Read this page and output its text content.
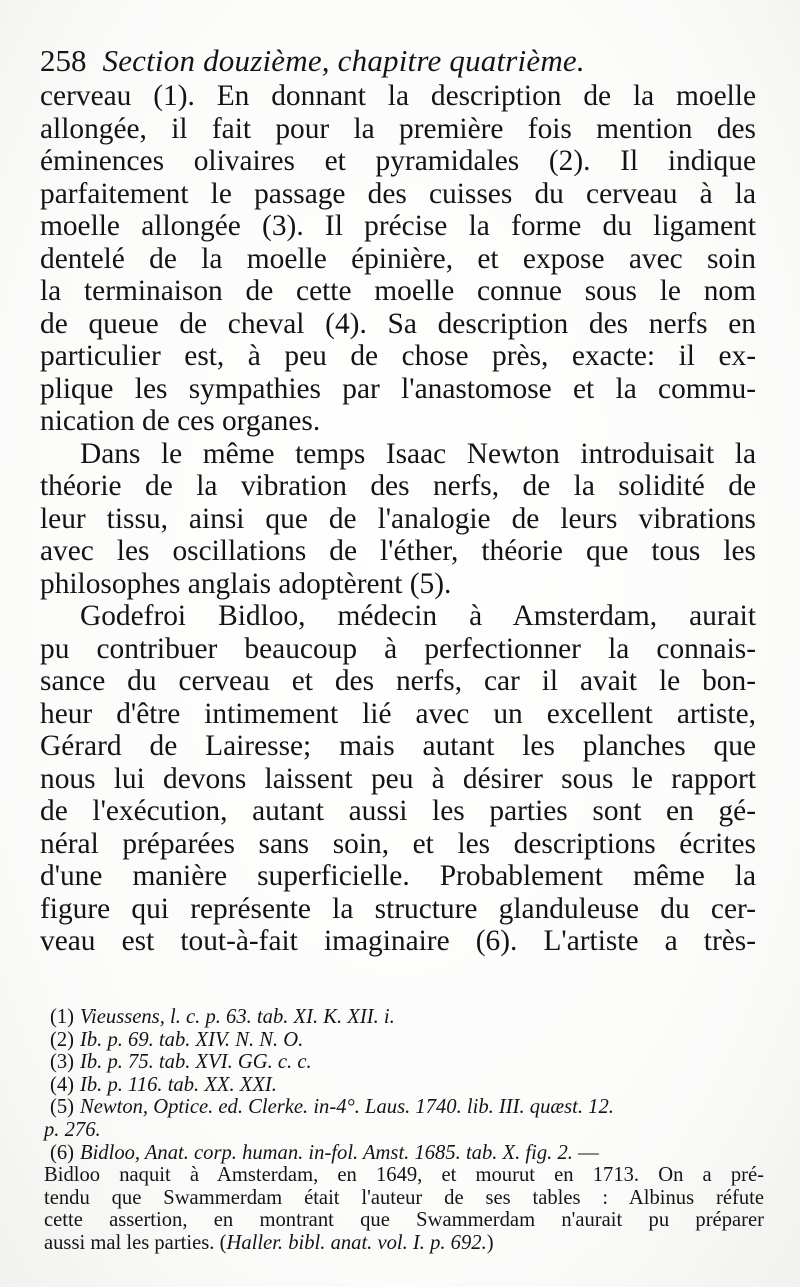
258 Section douzième, chapitre quatrième.
cerveau (1). En donnant la description de la moelle
allongée, il fait pour la première fois mention des
éminences olivaires et pyramidales (2). Il indique
parfaitement le passage des cuisses du cerveau à la
moelle allongée (3). Il précise la forme du ligament
dentelé de la moelle épinière, et expose avec soin
la terminaison de cette moelle connue sous le nom
de queue de cheval (4). Sa description des nerfs en
particulier est, à peu de chose près, exacte: il ex-
plique les sympathies par l'anastomose et la commu-
nication de ces organes.
Dans le même temps Isaac Newton introduisait la
théorie de la vibration des nerfs, de la solidité de
leur tissu, ainsi que de l'analogie de leurs vibrations
avec les oscillations de l'éther, théorie que tous les
philosophes anglais adoptèrent (5).
Godefroi Bidloo, médecin à Amsterdam, aurait
pu contribuer beaucoup à perfectionner la connais-
sance du cerveau et des nerfs, car il avait le bon-
heur d'être intimement lié avec un excellent artiste,
Gérard de Lairesse; mais autant les planches que
nous lui devons laissent peu à désirer sous le rapport
de l'exécution, autant aussi les parties sont en gé-
néral préparées sans soin, et les descriptions écrites
d'une manière superficielle. Probablement même la
figure qui représente la structure glanduleuse du cer-
veau est tout-à-fait imaginaire (6). L'artiste a très-
(1) Vieussens, l. c. p. 63. tab. XI. K. XII. i.
(2) Ib. p. 69. tab. XIV. N. N. O.
(3) Ib. p. 75. tab. XVI. GG. c. c.
(4) Ib. p. 116. tab. XX. XXI.
(5) Newton, Optice. ed. Clerke. in-4°. Laus. 1740. lib. III. quæst. 12.
p. 276.
(6) Bidloo, Anat. corp. human. in-fol. Amst. 1685. tab. X. fig. 2. —
Bidloo naquit à Amsterdam, en 1649, et mourut en 1713. On a pré-
tendu que Swammerdam était l'auteur de ses tables : Albinus réfute
cette assertion, en montrant que Swammerdam n'aurait pu préparer
aussi mal les parties. (Haller. bibl. anat. vol. I. p. 692.)
